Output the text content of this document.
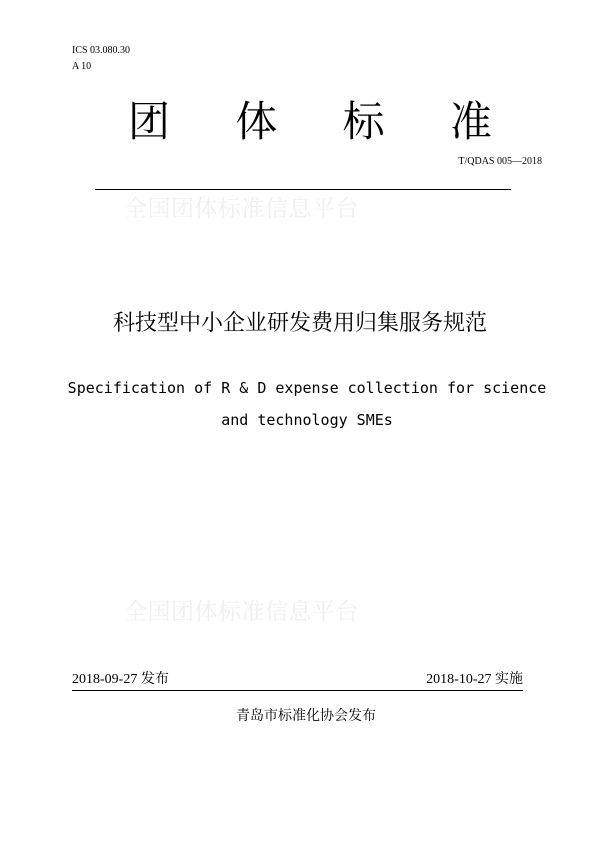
ICS 03.080.30
A 10
团 体 标 准
T/QDAS 005—2018
全国团体标准信息平台
全国团体标准信息平台
科技型中小企业研发费用归集服务规范
Specification of R & D expense collection for science
and technology SMEs
2018-09-27 发布	2018-10-27 实施
青岛市标准化协会发布
